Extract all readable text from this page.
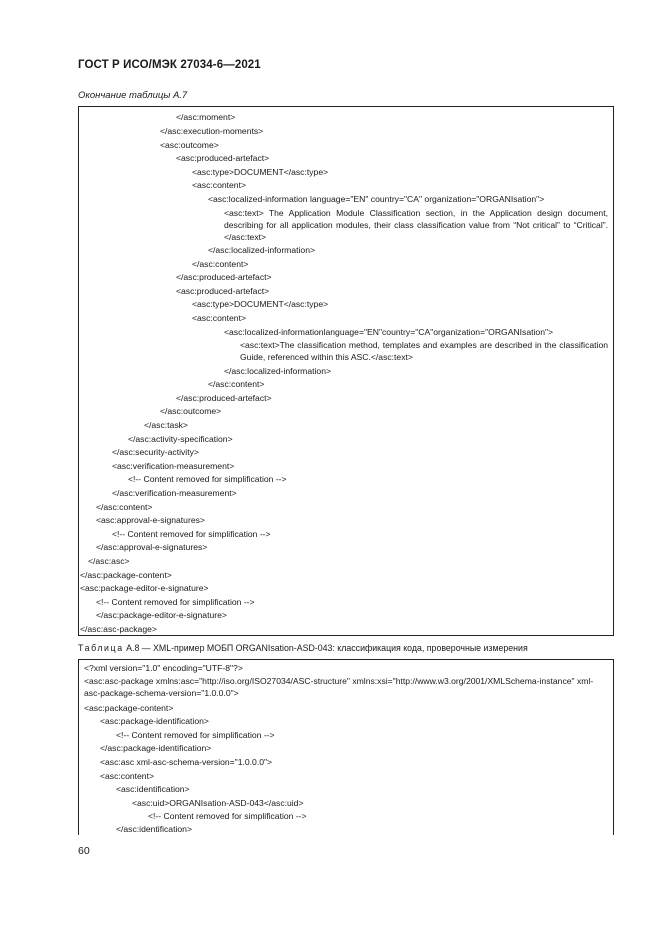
ГОСТ Р ИСО/МЭК 27034-6—2021
Окончание таблицы А.7
</asc:moment>
</asc:execution-moments>
<asc:outcome>
<asc:produced-artefact>
<asc:type>DOCUMENT</asc:type>
<asc:content>
<asc:localized-information language="EN" country="CA" organization="ORGANIsation">
<asc:text> The Application Module Classification section, in the Application design document, describing for all application modules, their class classification value from “Not critical” to “Critical”.</asc:text>
</asc:localized-information>
</asc:content>
</asc:produced-artefact>
<asc:produced-artefact>
<asc:type>DOCUMENT</asc:type>
<asc:content>
<asc:localized-informationlanguage="EN"country="CA"organization="ORGANIsation">
<asc:text>The classification method, templates and examples are described in the classification Guide, referenced within this ASC.</asc:text>
</asc:localized-information>
</asc:content>
</asc:produced-artefact>
</asc:outcome>
</asc:task>
</asc:activity-specification>
</asc:security-activity>
<asc:verification-measurement>
<!-- Content removed for simplification -->
</asc:verification-measurement>
</asc:content>
<asc:approval-e-signatures>
<!-- Content removed for simplification -->
</asc:approval-e-signatures>
</asc:asc>
</asc:package-content>
<asc:package-editor-e-signature>
<!-- Content removed for simplification -->
</asc:package-editor-e-signature>
</asc:asc-package>
Таблица А.8 — XML-пример МОБП ORGANIsation-ASD-043: классификация кода, проверочные измерения
<?xml version="1.0" encoding="UTF-8"?>
<asc:asc-package xmlns:asc="http://iso.org/ISO27034/ASC-structure" xmlns:xsi="http://www.w3.org/2001/XMLSchema-instance" xml-asc-package-schema-version="1.0.0.0">
<asc:package-content>
<asc:package-identification>
<!-- Content removed for simplification -->
</asc:package-identification>
<asc:asc xml-asc-schema-version="1.0.0.0">
<asc:content>
<asc:identification>
<asc:uid>ORGANIsation-ASD-043</asc:uid>
<!-- Content removed for simplification -->
</asc:identification>
60
